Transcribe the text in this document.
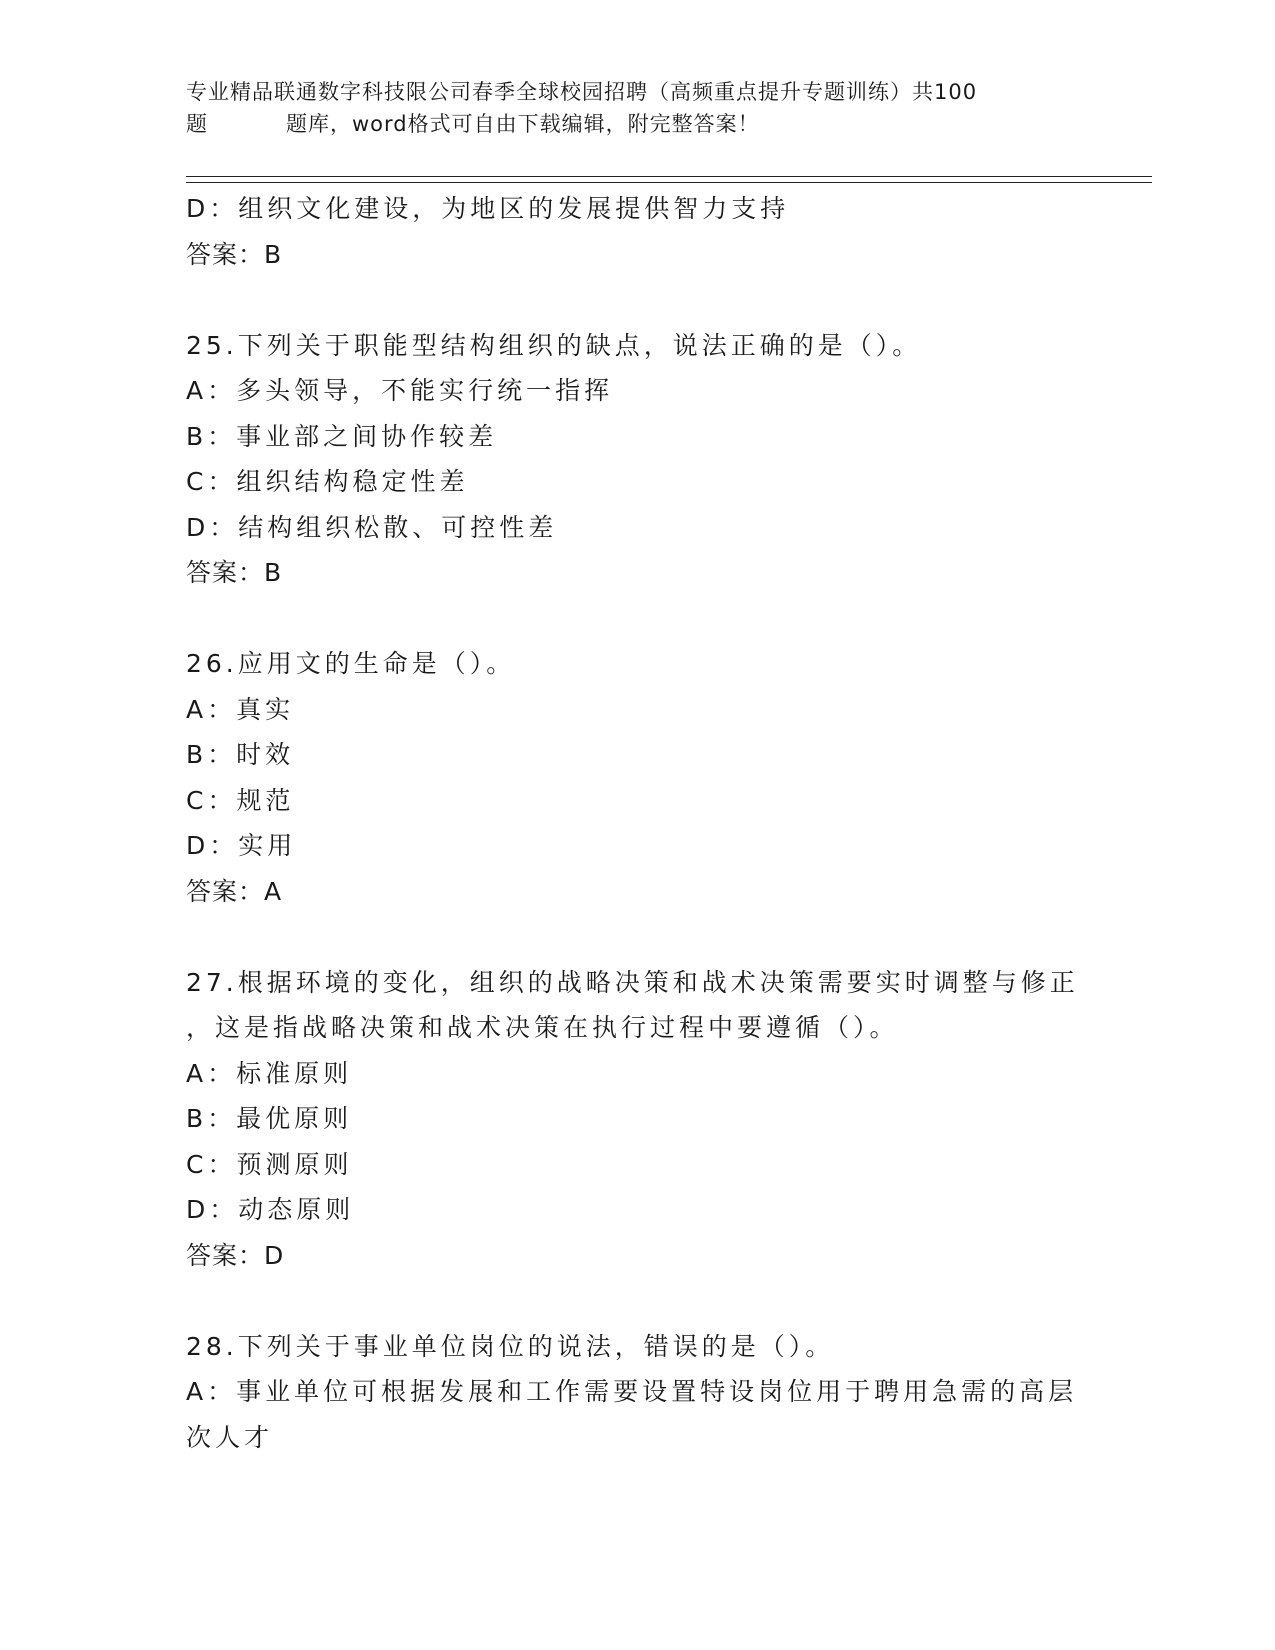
专业精品联通数字科技限公司春季全球校园招聘（高频重点提升专题训练）共100
题	题库，word格式可自由下载编辑，附完整答案！
D：组织文化建设，为地区的发展提供智力支持
答案：B
25.下列关于职能型结构组织的缺点，说法正确的是（）。
A：多头领导，不能实行统一指挥
B：事业部之间协作较差
C：组织结构稳定性差
D：结构组织松散、可控性差
答案：B
26.应用文的生命是（）。
A：真实
B：时效
C：规范
D：实用
答案：A
27.根据环境的变化，组织的战略决策和战术决策需要实时调整与修正
，这是指战略决策和战术决策在执行过程中要遵循（）。
A：标准原则
B：最优原则
C：预测原则
D：动态原则
答案：D
28.下列关于事业单位岗位的说法，错误的是（）。
A：事业单位可根据发展和工作需要设置特设岗位用于聘用急需的高层
次人才
